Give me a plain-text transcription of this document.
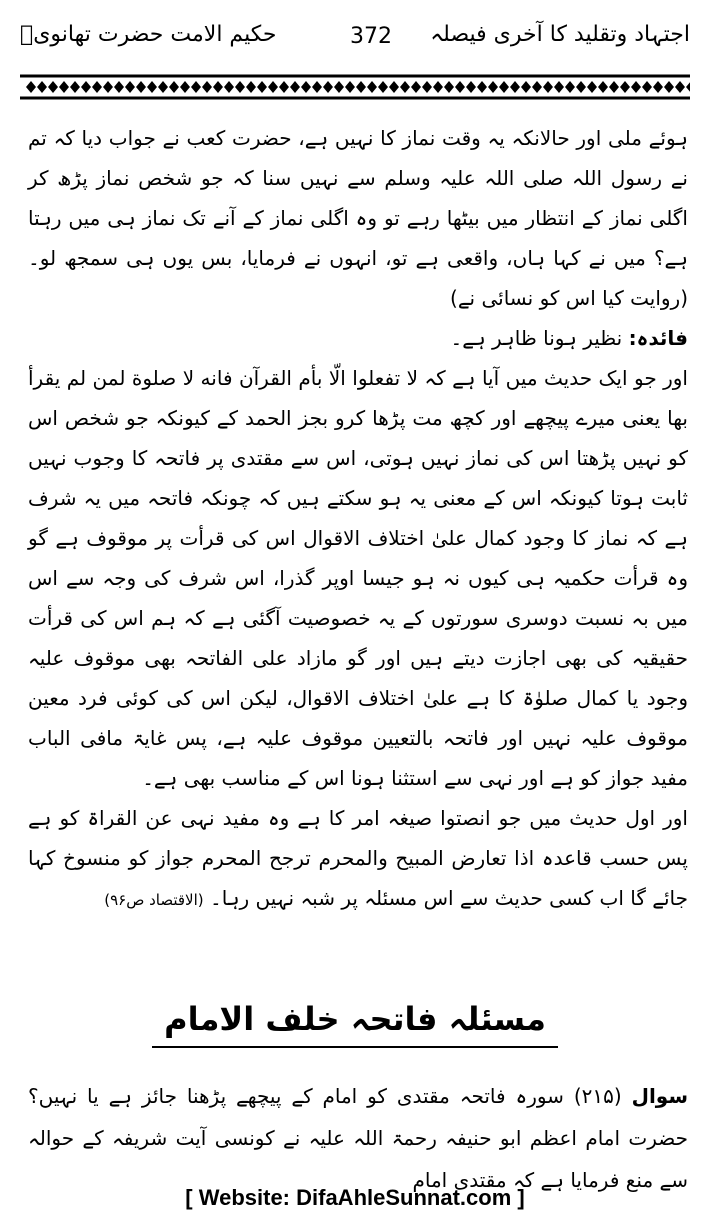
اجتہاد وتقلید کا آخری فیصلہ
372
حکیم الامت حضرت تھانویؒ

ہوئے ملی اور حالانکہ یہ وقت نماز کا نہیں ہے، حضرت کعب نے جواب دیا کہ تم نے رسول اللہ صلی اللہ علیہ وسلم سے نہیں سنا کہ جو شخص نماز پڑھ کر اگلی نماز کے انتظار میں بیٹھا رہے تو وہ اگلی نماز کے آنے تک نماز ہی میں رہتا ہے؟ میں نے کہا ہاں، واقعی ہے تو، انہوں نے فرمایا، بس یوں ہی سمجھ لو۔ (روایت کیا اس کو نسائی نے)

فائدہ: نظیر ہونا ظاہر ہے۔

اور جو ایک حدیث میں آیا ہے کہ لا تفعلوا الّا بأم القرآن فانه لا صلوة لمن لم يقرأ بها یعنی میرے پیچھے اور کچھ مت پڑھا کرو بجز الحمد کے کیونکہ جو شخص اس کو نہیں پڑھتا اس کی نماز نہیں ہوتی، اس سے مقتدی پر فاتحہ کا وجوب نہیں ثابت ہوتا کیونکہ اس کے معنی یہ ہو سکتے ہیں کہ چونکہ فاتحہ میں یہ شرف ہے کہ نماز کا وجود کمال علیٰ اختلاف الاقوال اس کی قرأت پر موقوف ہے گو وہ قرأت حکمیہ ہی کیوں نہ ہو جیسا اوپر گذرا، اس شرف کی وجہ سے اس میں بہ نسبت دوسری سورتوں کے یہ خصوصیت آگئی ہے کہ ہم اس کی قرأت حقیقیہ کی بھی اجازت دیتے ہیں اور گو مازاد علی الفاتحہ بھی موقوف علیہ وجود یا کمال صلوٰۃ کا ہے علیٰ اختلاف الاقوال، لیکن اس کی کوئی فرد معین موقوف علیہ نہیں اور فاتحہ بالتعیین موقوف علیہ ہے، پس غایۃ مافی الباب مفید جواز کو ہے اور نہی سے استثنا ہونا اس کے مناسب بھی ہے۔

اور اول حدیث میں جو انصتوا صیغہ امر کا ہے وہ مفید نہی عن القراۃ کو ہے پس حسب قاعدہ اذا تعارض المبیح والمحرم ترجح المحرم جواز کو منسوخ کہا جائے گا اب کسی حدیث سے اس مسئلہ پر شبہ نہیں رہا۔ (الاقتصاد ص۹۶)

مسئلہ فاتحہ خلف الامام

سوال (۲۱۵) سورہ فاتحہ مقتدی کو امام کے پیچھے پڑھنا جائز ہے یا نہیں؟ حضرت امام اعظم ابو حنیفہ رحمۃ اللہ علیہ نے کونسی آیت شریفہ کے حوالہ سے منع فرمایا ہے کہ مقتدی امام

[ Website: DifaAhleSunnat.com ]
